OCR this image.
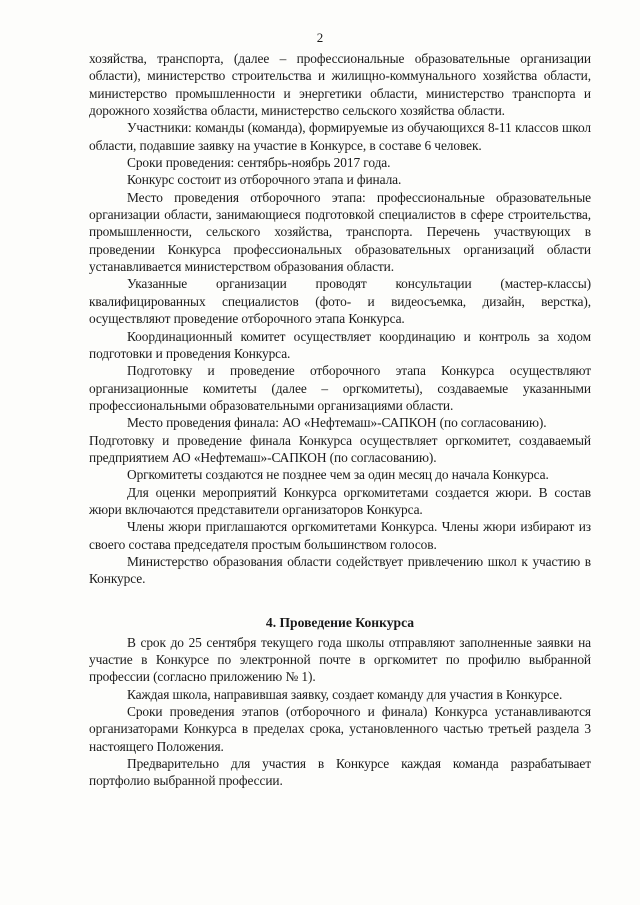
2

хозяйства, транспорта, (далее – профессиональные образовательные организации области), министерство строительства и жилищно-коммунального хозяйства области, министерство промышленности и энергетики области, министерство транспорта и дорожного хозяйства области, министерство сельского хозяйства области.

Участники: команды (команда), формируемые из обучающихся 8-11 классов школ области, подавшие заявку на участие в Конкурсе, в составе 6 человек.

Сроки проведения: сентябрь-ноябрь 2017 года.

Конкурс состоит из отборочного этапа и финала.

Место проведения отборочного этапа: профессиональные образовательные организации области, занимающиеся подготовкой специалистов в сфере строительства, промышленности, сельского хозяйства, транспорта. Перечень участвующих в проведении Конкурса профессиональных образовательных организаций области устанавливается министерством образования области.

Указанные организации проводят консультации (мастер-классы) квалифицированных специалистов (фото- и видеосъемка, дизайн, верстка), осуществляют проведение отборочного этапа Конкурса.

Координационный комитет осуществляет координацию и контроль за ходом подготовки и проведения Конкурса.

Подготовку и проведение отборочного этапа Конкурса осуществляют организационные комитеты (далее – оргкомитеты), создаваемые указанными профессиональными образовательными организациями области.

Место проведения финала: АО «Нефтемаш»-САПКОН (по согласованию).

Подготовку и проведение финала Конкурса осуществляет оргкомитет, создаваемый предприятием АО «Нефтемаш»-САПКОН (по согласованию).

Оргкомитеты создаются не позднее чем за один месяц до начала Конкурса.

Для оценки мероприятий Конкурса оргкомитетами создается жюри. В состав жюри включаются представители организаторов Конкурса.

Члены жюри приглашаются оргкомитетами Конкурса. Члены жюри избирают из своего состава председателя простым большинством голосов.

Министерство образования области содействует привлечению школ к участию в Конкурсе.

4. Проведение Конкурса

В срок до 25 сентября текущего года школы отправляют заполненные заявки на участие в Конкурсе по электронной почте в оргкомитет по профилю выбранной профессии (согласно приложению № 1).

Каждая школа, направившая заявку, создает команду для участия в Конкурсе.

Сроки проведения этапов (отборочного и финала) Конкурса устанавливаются организаторами Конкурса в пределах срока, установленного частью третьей раздела 3 настоящего Положения.

Предварительно для участия в Конкурсе каждая команда разрабатывает портфолио выбранной профессии.
